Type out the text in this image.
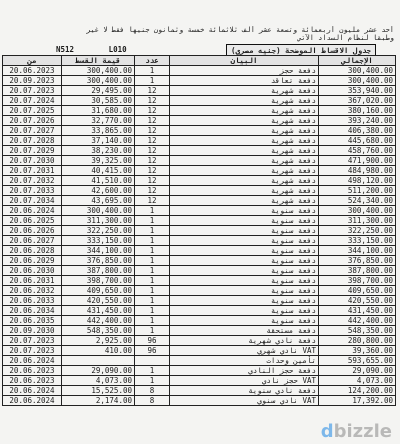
أحد عشر مليون أربعمائة وتسعة عشر ألف ثلاثمائة خمسة وثمانون جنيها فقط لا غير
وطبقا لنظام السداد الآتي
N512	L010	جدول الاقساط الموضحة (جنيه مصري)
من	قيمة القسط	عدد	البيان	الإجمالي
20.06.2023	300,400.00	1	دفعة حجز	300,400.00
20.09.2023	300,400.00	1	دفعة تعاقد	300,400.00
20.07.2023	29,495.00	12	دفعة شهرية	353,940.00
20.07.2024	30,585.00	12	دفعة شهرية	367,020.00
20.07.2025	31,680.00	12	دفعة شهرية	380,160.00
20.07.2026	32,770.00	12	دفعة شهرية	393,240.00
20.07.2027	33,865.00	12	دفعة شهرية	406,380.00
20.07.2028	37,140.00	12	دفعة شهرية	445,680.00
20.07.2029	38,230.00	12	دفعة شهرية	458,760.00
20.07.2030	39,325.00	12	دفعة شهرية	471,900.00
20.07.2031	40,415.00	12	دفعة شهرية	484,980.00
20.07.2032	41,510.00	12	دفعة شهرية	498,120.00
20.07.2033	42,600.00	12	دفعة شهرية	511,200.00
20.07.2034	43,695.00	12	دفعة شهرية	524,340.00
20.06.2024	300,400.00	1	دفعة سنوية	300,400.00
20.06.2025	311,300.00	1	دفعة سنوية	311,300.00
20.06.2026	322,250.00	1	دفعة سنوية	322,250.00
20.06.2027	333,150.00	1	دفعة سنوية	333,150.00
20.06.2028	344,100.00	1	دفعة سنوية	344,100.00
20.06.2029	376,850.00	1	دفعة سنوية	376,850.00
20.06.2030	387,800.00	1	دفعة سنوية	387,800.00
20.06.2031	398,700.00	1	دفعة سنوية	398,700.00
20.06.2032	409,650.00	1	دفعة سنوية	409,650.00
20.06.2033	420,550.00	1	دفعة سنوية	420,550.00
20.06.2034	431,450.00	1	دفعة سنوية	431,450.00
20.06.2035	442,400.00	1	دفعة سنوية	442,400.00
20.09.2030	548,350.00	1	دفعة مستحقة	548,350.00
20.07.2023	2,925.00	96	دفعة نادي شهرية	280,800.00
20.07.2023	410.00	96	VAT نادي شهري	39,360.00
20.06.2024			تأمين وحدات	593,655.00
20.06.2023	29,090.00	1	دفعة حجز النادي	29,090.00
20.06.2023	4,073.00	1	VAT حجز نادي	4,073.00
20.06.2024	15,525.00	8	دفعة نادي سنوية	124,200.00
20.06.2024	2,174.00	8	VAT نادي سنوي	17,392.00
dbizzle
